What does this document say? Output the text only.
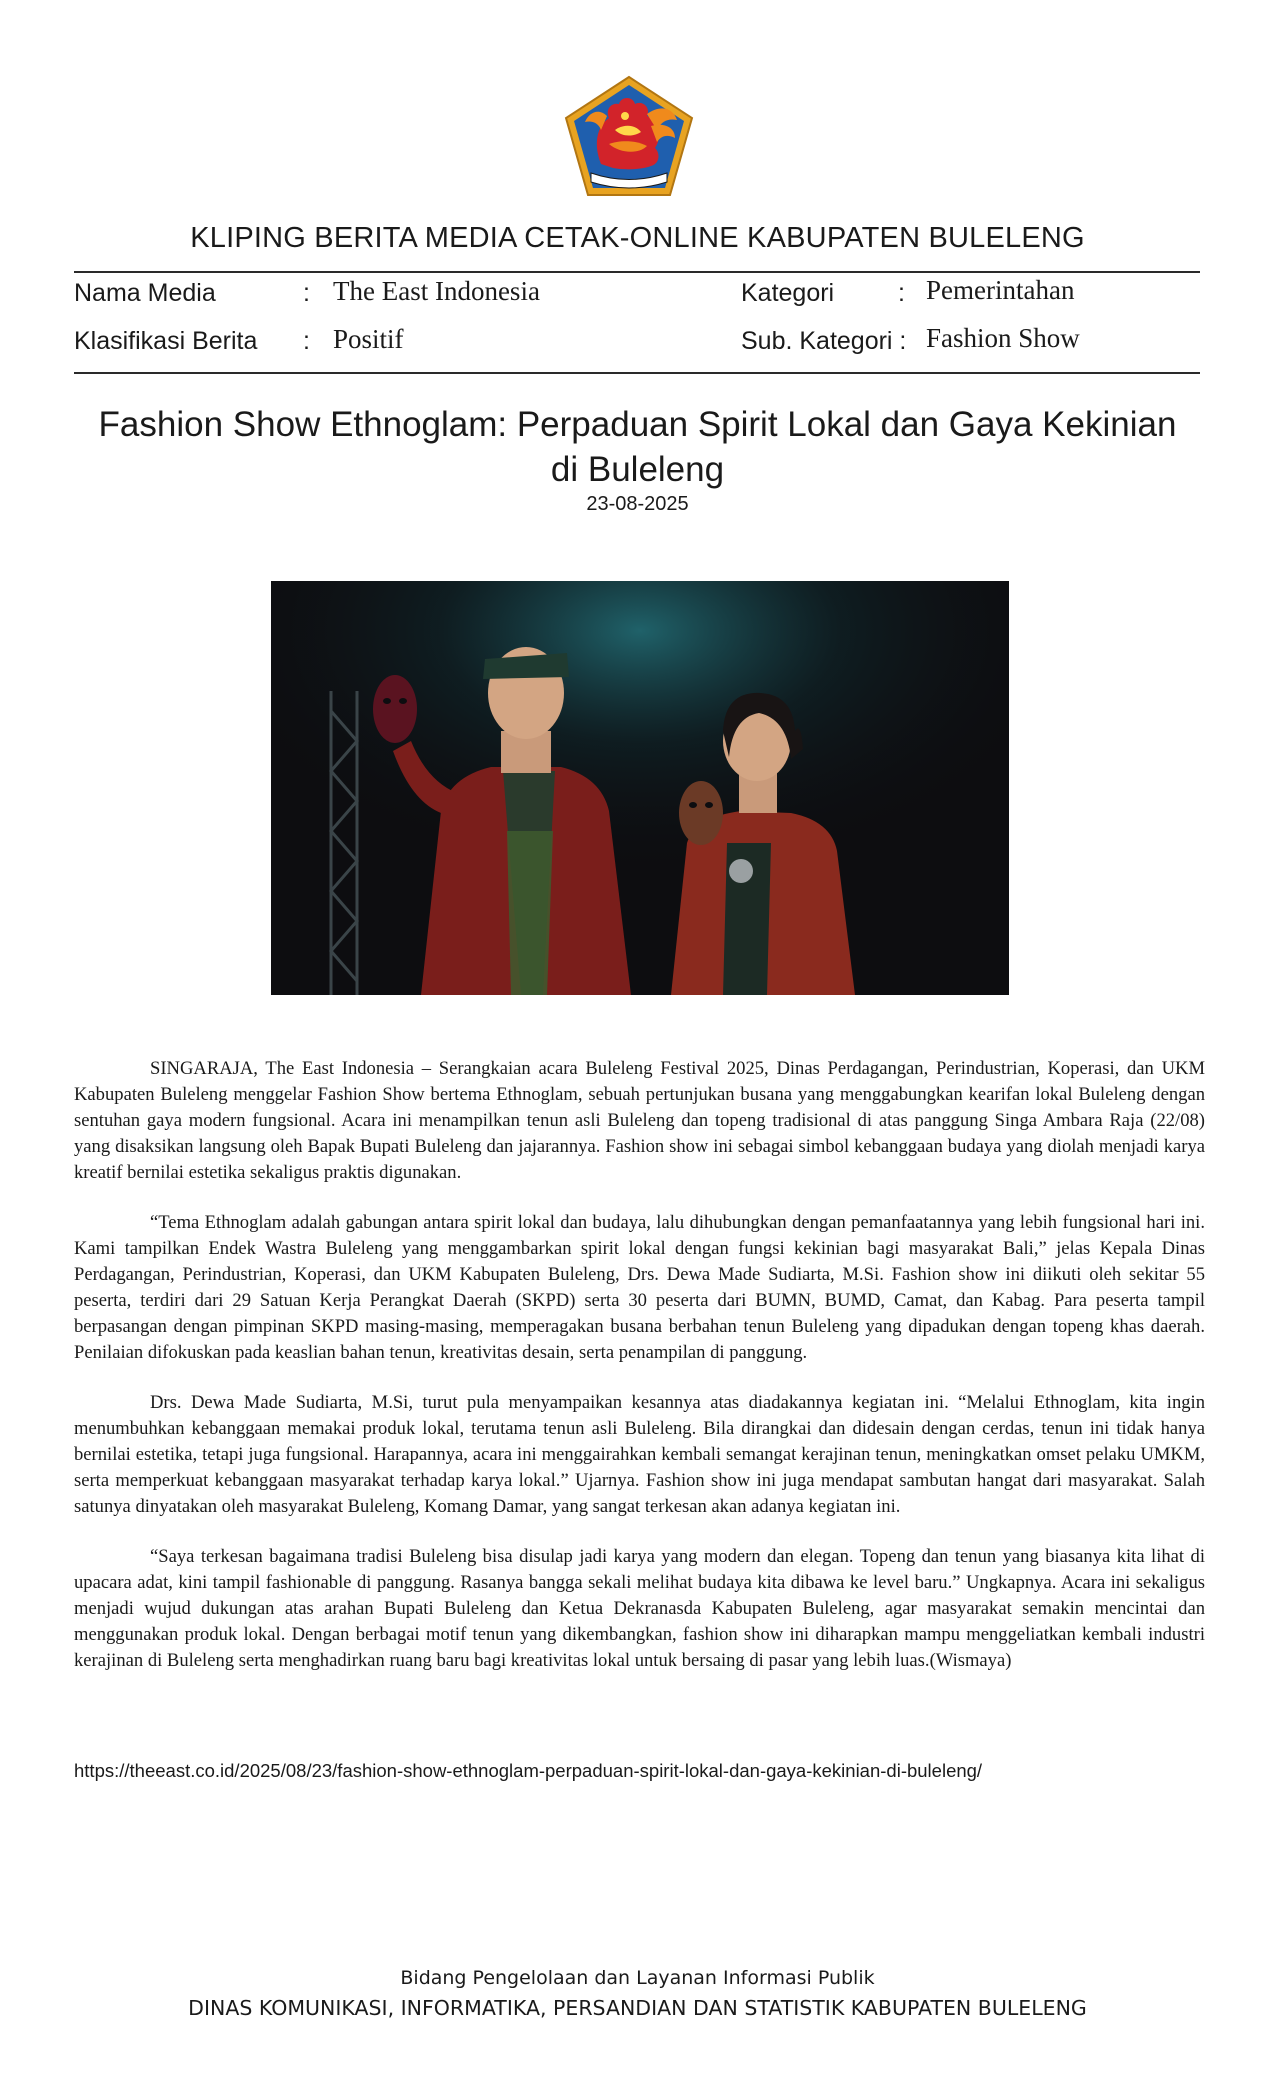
KLIPING BERITA MEDIA CETAK-ONLINE KABUPATEN BULELENG
Nama Media	: The East Indonesia
Klasifikasi Berita : Positif
Kategori	: Pemerintahan
Sub. Kategori : Fashion Show
Fashion Show Ethnoglam: Perpaduan Spirit Lokal dan Gaya Kekinian di Buleleng
23-08-2025

SINGARAJA, The East Indonesia – Serangkaian acara Buleleng Festival 2025, Dinas Perdagangan, Perindustrian, Koperasi, dan UKM Kabupaten Buleleng menggelar Fashion Show bertema Ethnoglam, sebuah pertunjukan busana yang menggabungkan kearifan lokal Buleleng dengan sentuhan gaya modern fungsional. Acara ini menampilkan tenun asli Buleleng dan topeng tradisional di atas panggung Singa Ambara Raja (22/08) yang disaksikan langsung oleh Bapak Bupati Buleleng dan jajarannya. Fashion show ini sebagai simbol kebanggaan budaya yang diolah menjadi karya kreatif bernilai estetika sekaligus praktis digunakan.

“Tema Ethnoglam adalah gabungan antara spirit lokal dan budaya, lalu dihubungkan dengan pemanfaatannya yang lebih fungsional hari ini. Kami tampilkan Endek Wastra Buleleng yang menggambarkan spirit lokal dengan fungsi kekinian bagi masyarakat Bali,” jelas Kepala Dinas Perdagangan, Perindustrian, Koperasi, dan UKM Kabupaten Buleleng, Drs. Dewa Made Sudiarta, M.Si. Fashion show ini diikuti oleh sekitar 55 peserta, terdiri dari 29 Satuan Kerja Perangkat Daerah (SKPD) serta 30 peserta dari BUMN, BUMD, Camat, dan Kabag. Para peserta tampil berpasangan dengan pimpinan SKPD masing-masing, memperagakan busana berbahan tenun Buleleng yang dipadukan dengan topeng khas daerah. Penilaian difokuskan pada keaslian bahan tenun, kreativitas desain, serta penampilan di panggung.

Drs. Dewa Made Sudiarta, M.Si, turut pula menyampaikan kesannya atas diadakannya kegiatan ini. “Melalui Ethnoglam, kita ingin menumbuhkan kebanggaan memakai produk lokal, terutama tenun asli Buleleng. Bila dirangkai dan didesain dengan cerdas, tenun ini tidak hanya bernilai estetika, tetapi juga fungsional. Harapannya, acara ini menggairahkan kembali semangat kerajinan tenun, meningkatkan omset pelaku UMKM, serta memperkuat kebanggaan masyarakat terhadap karya lokal.” Ujarnya. Fashion show ini juga mendapat sambutan hangat dari masyarakat. Salah satunya dinyatakan oleh masyarakat Buleleng, Komang Damar, yang sangat terkesan akan adanya kegiatan ini.

“Saya terkesan bagaimana tradisi Buleleng bisa disulap jadi karya yang modern dan elegan. Topeng dan tenun yang biasanya kita lihat di upacara adat, kini tampil fashionable di panggung. Rasanya bangga sekali melihat budaya kita dibawa ke level baru.” Ungkapnya. Acara ini sekaligus menjadi wujud dukungan atas arahan Bupati Buleleng dan Ketua Dekranasda Kabupaten Buleleng, agar masyarakat semakin mencintai dan menggunakan produk lokal. Dengan berbagai motif tenun yang dikembangkan, fashion show ini diharapkan mampu menggeliatkan kembali industri kerajinan di Buleleng serta menghadirkan ruang baru bagi kreativitas lokal untuk bersaing di pasar yang lebih luas.(Wismaya)

https://theeast.co.id/2025/08/23/fashion-show-ethnoglam-perpaduan-spirit-lokal-dan-gaya-kekinian-di-buleleng/
Bidang Pengelolaan dan Layanan Informasi Publik
DINAS KOMUNIKASI, INFORMATIKA, PERSANDIAN DAN STATISTIK KABUPATEN BULELENG
